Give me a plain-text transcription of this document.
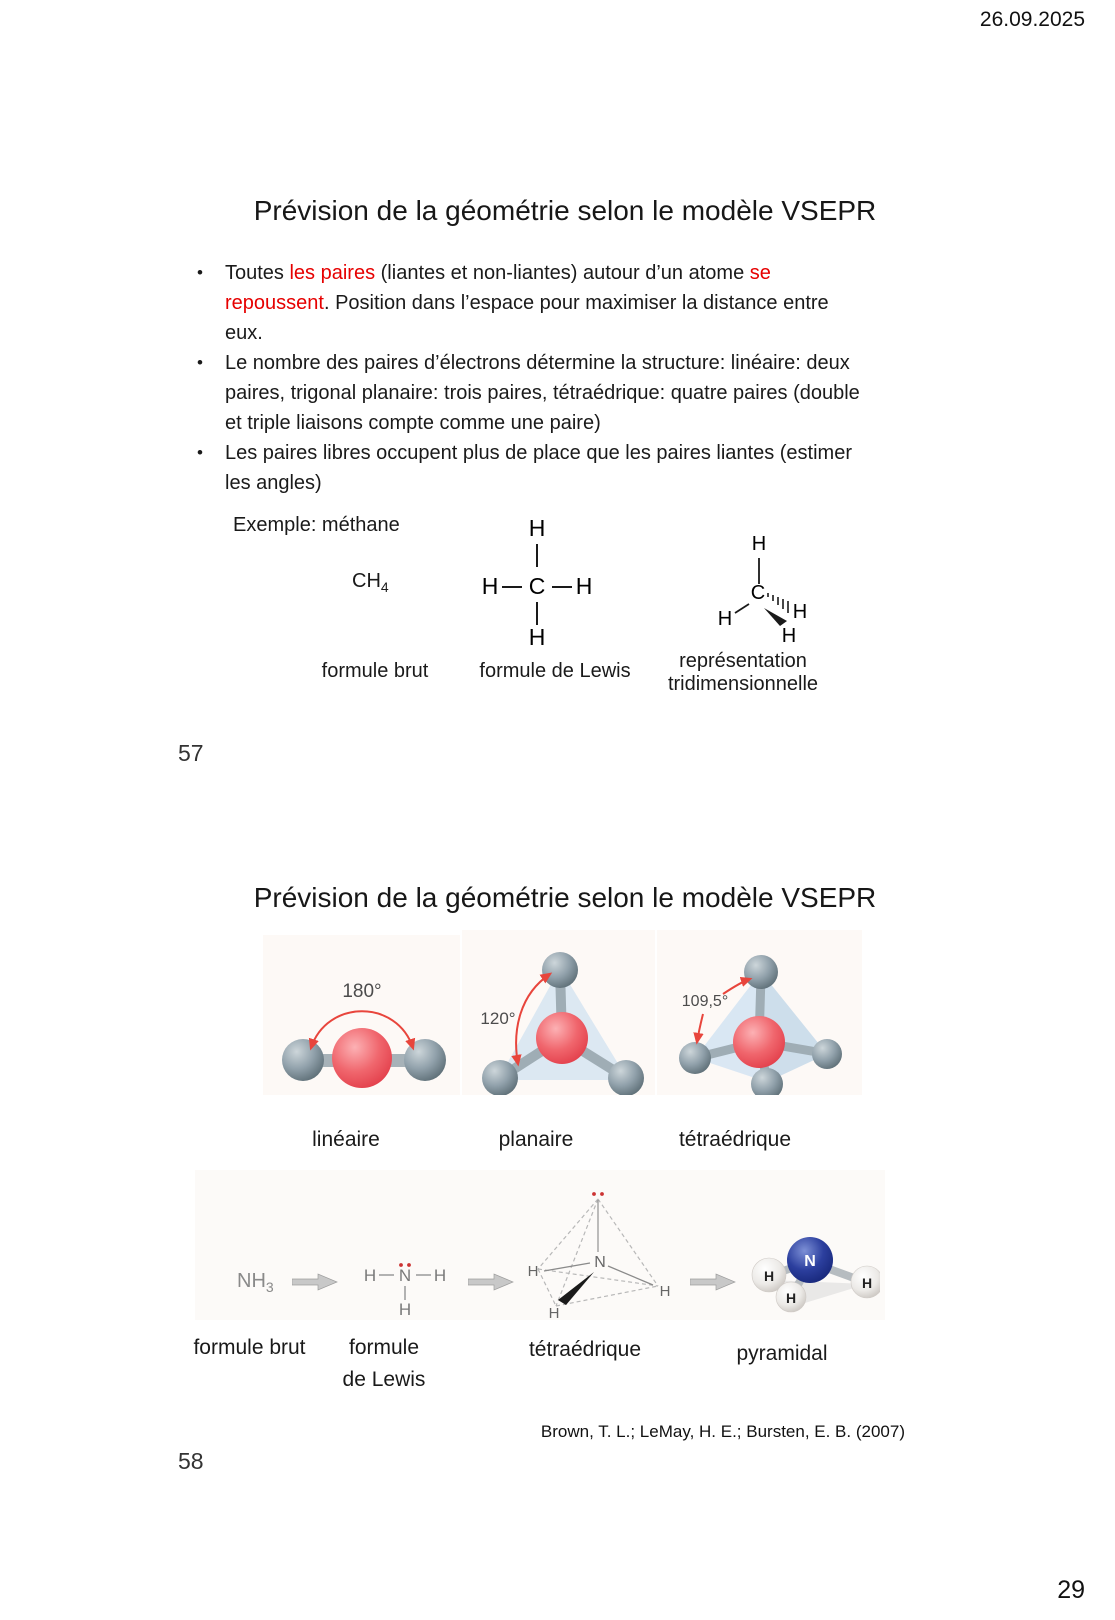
26.09.2025
29
Prévision de la géométrie selon le modèle VSEPR
•	Toutes les paires (liantes et non-liantes) autour d’un atome se repoussent. Position dans l’espace pour maximiser la distance entre eux.
•	Le nombre des paires d’électrons détermine la structure: linéaire: deux paires, trigonal planaire: trois paires, tétraédrique: quatre paires (double et triple liaisons compte comme une paire)
•	Les paires libres occupent plus de place que les paires liantes (estimer les angles)
Exemple: méthane
$CH_4$
H
H C H
H
H
C
H	H
H
formule brut	formule de Lewis	représentation
tridimensionnelle
57
Prévision de la géométrie selon le modèle VSEPR
180°
120°
109,5°
linéaire	planaire	tétraédrique
$NH_3$
H N H
H
N
H
H
H
N
H	H
H
formule brut	formule
de Lewis
tétraédrique	pyramidal
Brown, T. L.; LeMay, H. E.; Bursten, E. B. (2007)
58
